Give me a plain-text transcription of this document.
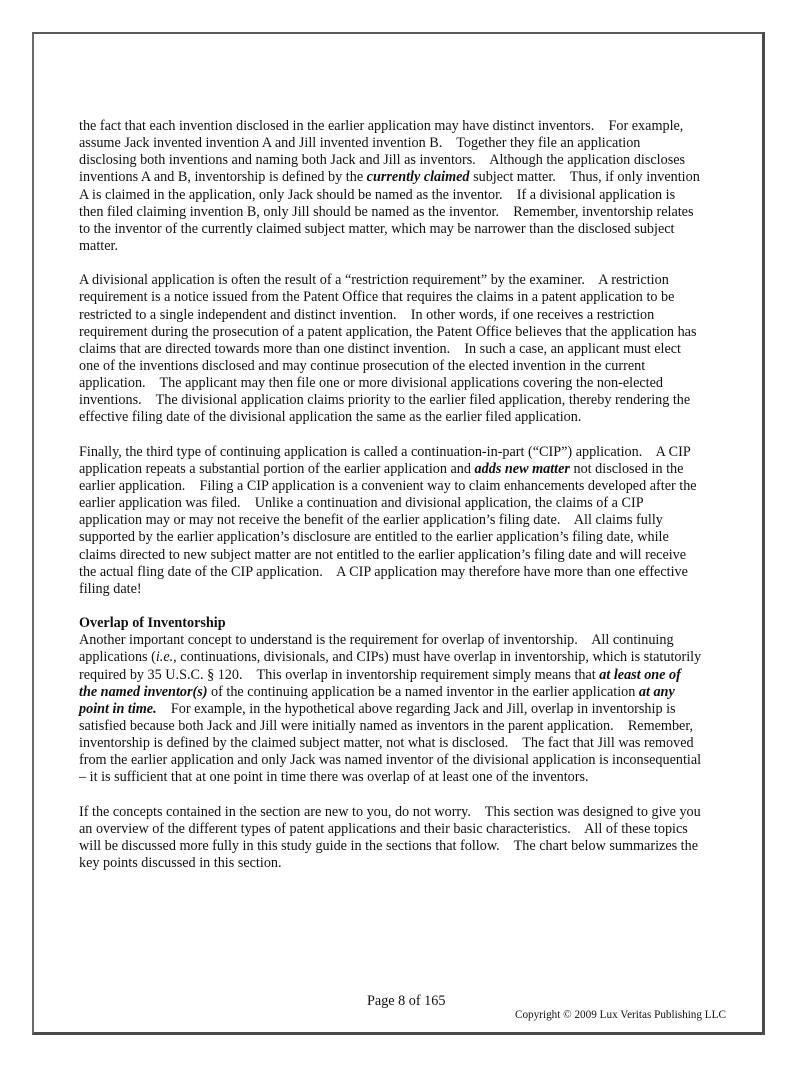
the fact that each invention disclosed in the earlier application may have distinct inventors.    For example,
assume Jack invented invention A and Jill invented invention B.    Together they file an application
disclosing both inventions and naming both Jack and Jill as inventors.    Although the application discloses
inventions A and B, inventorship is defined by the currently claimed subject matter.    Thus, if only invention
A is claimed in the application, only Jack should be named as the inventor.    If a divisional application is
then filed claiming invention B, only Jill should be named as the inventor.    Remember, inventorship relates
to the inventor of the currently claimed subject matter, which may be narrower than the disclosed subject
matter.
A divisional application is often the result of a “restriction requirement” by the examiner.    A restriction
requirement is a notice issued from the Patent Office that requires the claims in a patent application to be
restricted to a single independent and distinct invention.    In other words, if one receives a restriction
requirement during the prosecution of a patent application, the Patent Office believes that the application has
claims that are directed towards more than one distinct invention.    In such a case, an applicant must elect
one of the inventions disclosed and may continue prosecution of the elected invention in the current
application.    The applicant may then file one or more divisional applications covering the non-elected
inventions.    The divisional application claims priority to the earlier filed application, thereby rendering the
effective filing date of the divisional application the same as the earlier filed application.
Finally, the third type of continuing application is called a continuation-in-part (“CIP”) application.    A CIP
application repeats a substantial portion of the earlier application and adds new matter not disclosed in the
earlier application.    Filing a CIP application is a convenient way to claim enhancements developed after the
earlier application was filed.    Unlike a continuation and divisional application, the claims of a CIP
application may or may not receive the benefit of the earlier application’s filing date.    All claims fully
supported by the earlier application’s disclosure are entitled to the earlier application’s filing date, while
claims directed to new subject matter are not entitled to the earlier application’s filing date and will receive
the actual fling date of the CIP application.    A CIP application may therefore have more than one effective
filing date!
Overlap of Inventorship
Another important concept to understand is the requirement for overlap of inventorship.    All continuing
applications (i.e., continuations, divisionals, and CIPs) must have overlap in inventorship, which is statutorily
required by 35 U.S.C. § 120.    This overlap in inventorship requirement simply means that at least one of
the named inventor(s) of the continuing application be a named inventor in the earlier application at any
point in time.    For example, in the hypothetical above regarding Jack and Jill, overlap in inventorship is
satisfied because both Jack and Jill were initially named as inventors in the parent application.    Remember,
inventorship is defined by the claimed subject matter, not what is disclosed.    The fact that Jill was removed
from the earlier application and only Jack was named inventor of the divisional application is inconsequential
– it is sufficient that at one point in time there was overlap of at least one of the inventors.
If the concepts contained in the section are new to you, do not worry.    This section was designed to give you
an overview of the different types of patent applications and their basic characteristics.    All of these topics
will be discussed more fully in this study guide in the sections that follow.    The chart below summarizes the
key points discussed in this section.
Page 8 of 165
Copyright © 2009 Lux Veritas Publishing LLC
